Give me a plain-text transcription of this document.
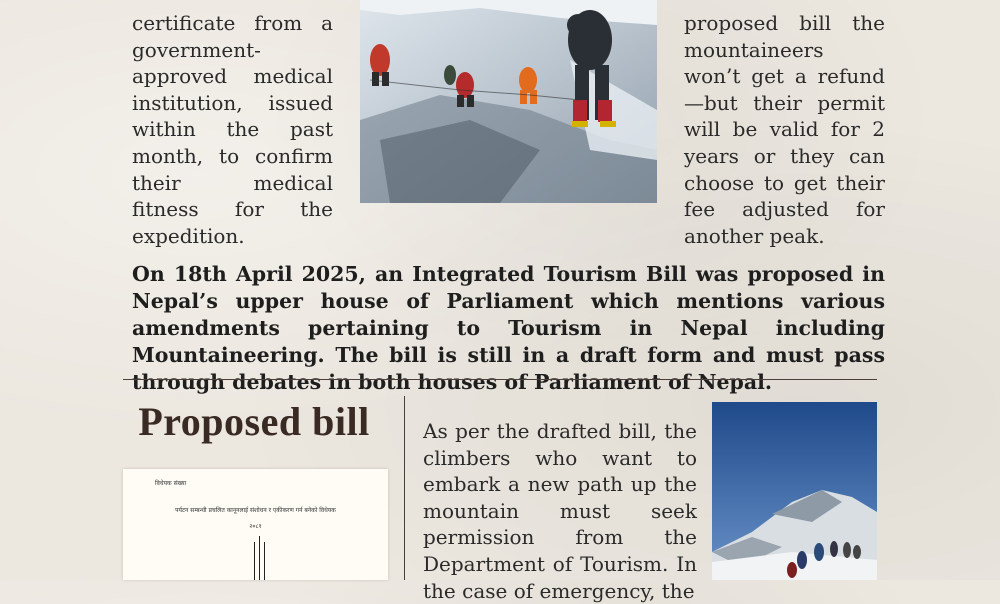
certificate from a government-approved medical institution, issued within the past month, to confirm their medical fitness for the expedition.

proposed bill the mountaineers won’t get a refund—but their permit will be valid for 2 years or they can choose to get their fee adjusted for another peak.

On 18th April 2025, an Integrated Tourism Bill was proposed in Nepal’s upper house of Parliament which mentions various amendments pertaining to Tourism in Nepal including Mountaineering. The bill is still in a draft form and must pass through debates in both houses of Parliament of Nepal.

Proposed bill
विधेयक संख्या
पर्यटन सम्बन्धी प्रचलित कानूनलाई संशोधन र एकीकरण गर्न बनेको विधेयक
२०८१

As per the drafted bill, the climbers who want to embark a new path up the mountain must seek permission from the Department of Tourism. In the case of emergency, the
